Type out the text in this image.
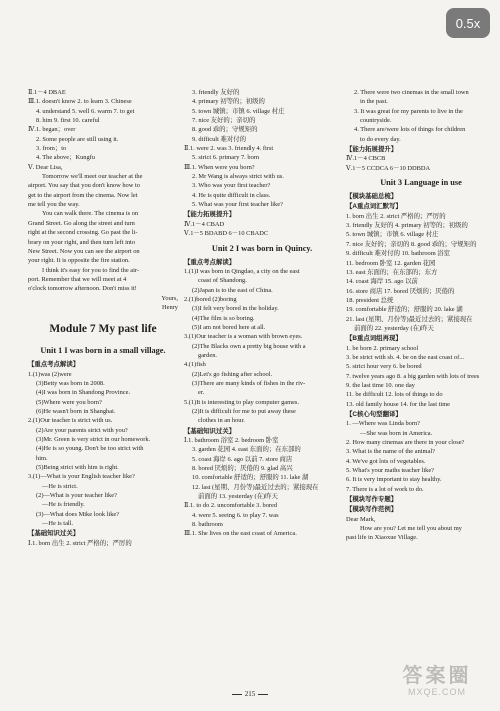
0.5x
Ⅱ.1－4 DBAE
Ⅲ.1. doesn't know 2. to learn 3. Chinese
4. understand 5. well 6. warm 7. to get
8. him 9. first 10. careful
Ⅳ.1. began；over
2. Some people are still using it.
3. from；to
4. The above；Kungfu
Ⅴ. Dear Lisa,
Tomorrow we'll meet our teacher at the
airport. You say that you don't know how to
get to the airport from the cinema. Now let
me tell you the way.
You can walk there. The cinema is on
Grand Street. Go along the street and turn
right at the second crossing. Go past the li-
brary on your right, and then turn left into
New Street. Now you can see the airport on
your right. It is opposite the fire station.
I think it's easy for you to find the air-
port. Remember that we will meet at 4
o'clock tomorrow afternoon. Don't miss it!
Yours,
Henry
Module 7 My past life
Unit 1 I was born in a small village.
【重点考点解读】
1.(1)was (2)were
(3)Betty was born in 2008.
(4)I was born in Shandong Province.
(5)Where were you born?
(6)He wasn't born in Shanghai.
2.(1)Our teacher is strict with us.
(2)Are your parents strict with you?
(3)Mr. Green is very strict in our homework.
(4)He is so young. Don't be too strict with
him.
(5)Being strict with him is right.
3.(1)—What is your English teacher like?
—He is strict.
(2)—What is your teacher like?
—He is friendly.
(3)—What does Mike look like?
—He is tall.
【基础知识过关】
Ⅰ.1. born 出生 2. strict 严格的；严厉的
3. friendly 友好的
4. primary 初等的；初级的
5. town 城镇；市镇 6. village 村庄
7. nice 友好的；亲切的
8. good 乖的；守规矩的
9. difficult 难对付的
Ⅱ.1. were 2. was 3. friendly 4. first
5. strict 6. primary 7. born
Ⅲ.1. When were you born?
2. Mr Wang is always strict with us.
3. Who was your first teacher?
4. He is quite difficult in class.
5. What was your first teacher like?
【能力拓展提升】
Ⅳ.1－4 CBAD
Ⅴ.1－5 BDABD 6－10 CBADC
Unit 2 I was born in Quincy.
【重点考点解读】
1.(1)I was born in Qingdao, a city on the east
coast of Shandong.
(2)Japan is to the east of China.
2.(1)bored (2)boring
(3)I felt very bored in the holiday.
(4)The film is so boring.
(5)I am not bored here at all.
3.(1)Our teacher is a woman with brown eyes.
(2)The Blacks own a pretty big house with a
garden.
4.(1)fish
(2)Let's go fishing after school.
(3)There are many kinds of fishes in the riv-
er.
5.(1)It is interesting to play computer games.
(2)It is difficult for me to put away these
clothes in an hour.
【基础知识过关】
Ⅰ.1. bathroom 浴室 2. bedroom 卧室
3. garden 花园 4. east 东面的；在东部的
5. coast 海岸 6. ago 以前 7. store 商店
8. bored 厌烦的；厌倦的 9. glad 高兴
10. comfortable 舒适的；舒服的 11. lake 湖
12. last (星期、月份等)最近过去的；紧接现在
前面的 13. yesterday (在)昨天
Ⅱ.1. to do 2. uncomfortable 3. bored
4. were 5. seeing 6. to play 7. was
8. bathroom
Ⅲ.1. She lives on the east coast of America.
2. There were two cinemas in the small town
in the past.
3. It was great for my parents to live in the
countryside.
4. There are/were lots of things for children
to do every day.
【能力拓展提升】
Ⅳ.1－4 CBCB
Ⅴ.1－5 CCDCA 6－10 DDBDA
Unit 3 Language in use
【模块基础总梳】
【A重点词汇默写】
1. born 出生 2. strict 严格的；严厉的
3. friendly 友好的 4. primary 初等的；初级的
5. town 城镇；市镇 6. village 村庄
7. nice 友好的；亲切的 8. good 乖的；守规矩的
9. difficult 难对付的 10. bathroom 浴室
11. bedroom 卧室 12. garden 花园
13. east 东面的；在东部的；东方
14. coast 海岸 15. ago 以前
16. store 商店 17. bored 厌烦的；厌倦的
18. president 总统
19. comfortable 舒适的；舒服的 20. lake 湖
21. last (星期、月份等)最近过去的；紧接现在
前面的 22. yesterday (在)昨天
【B重点词组再现】
1. be born 2. primary school
3. be strict with sb. 4. be on the east coast of...
5. strict hour very 6. be bored
7. twelve years ago 8. a big garden with lots of trees
9. the last time 10. one day
11. be difficult 12. lots of things to do
13. old family house 14. for the last time
【C核心句型翻译】
1. —Where was Linda born?
—She was born in America.
2. How many cinemas are there in your close?
3. What is the name of the animal?
4. We've got lots of vegetables.
5. What's your maths teacher like?
6. It is very important to stay healthy.
7. There is a lot of work to do.
【模块写作专题】
【模块写作范例】
Dear Mark,
How are you? Let me tell you about my
past life in Xiaoxue Village.
215
答案圈
MXQE.COM
